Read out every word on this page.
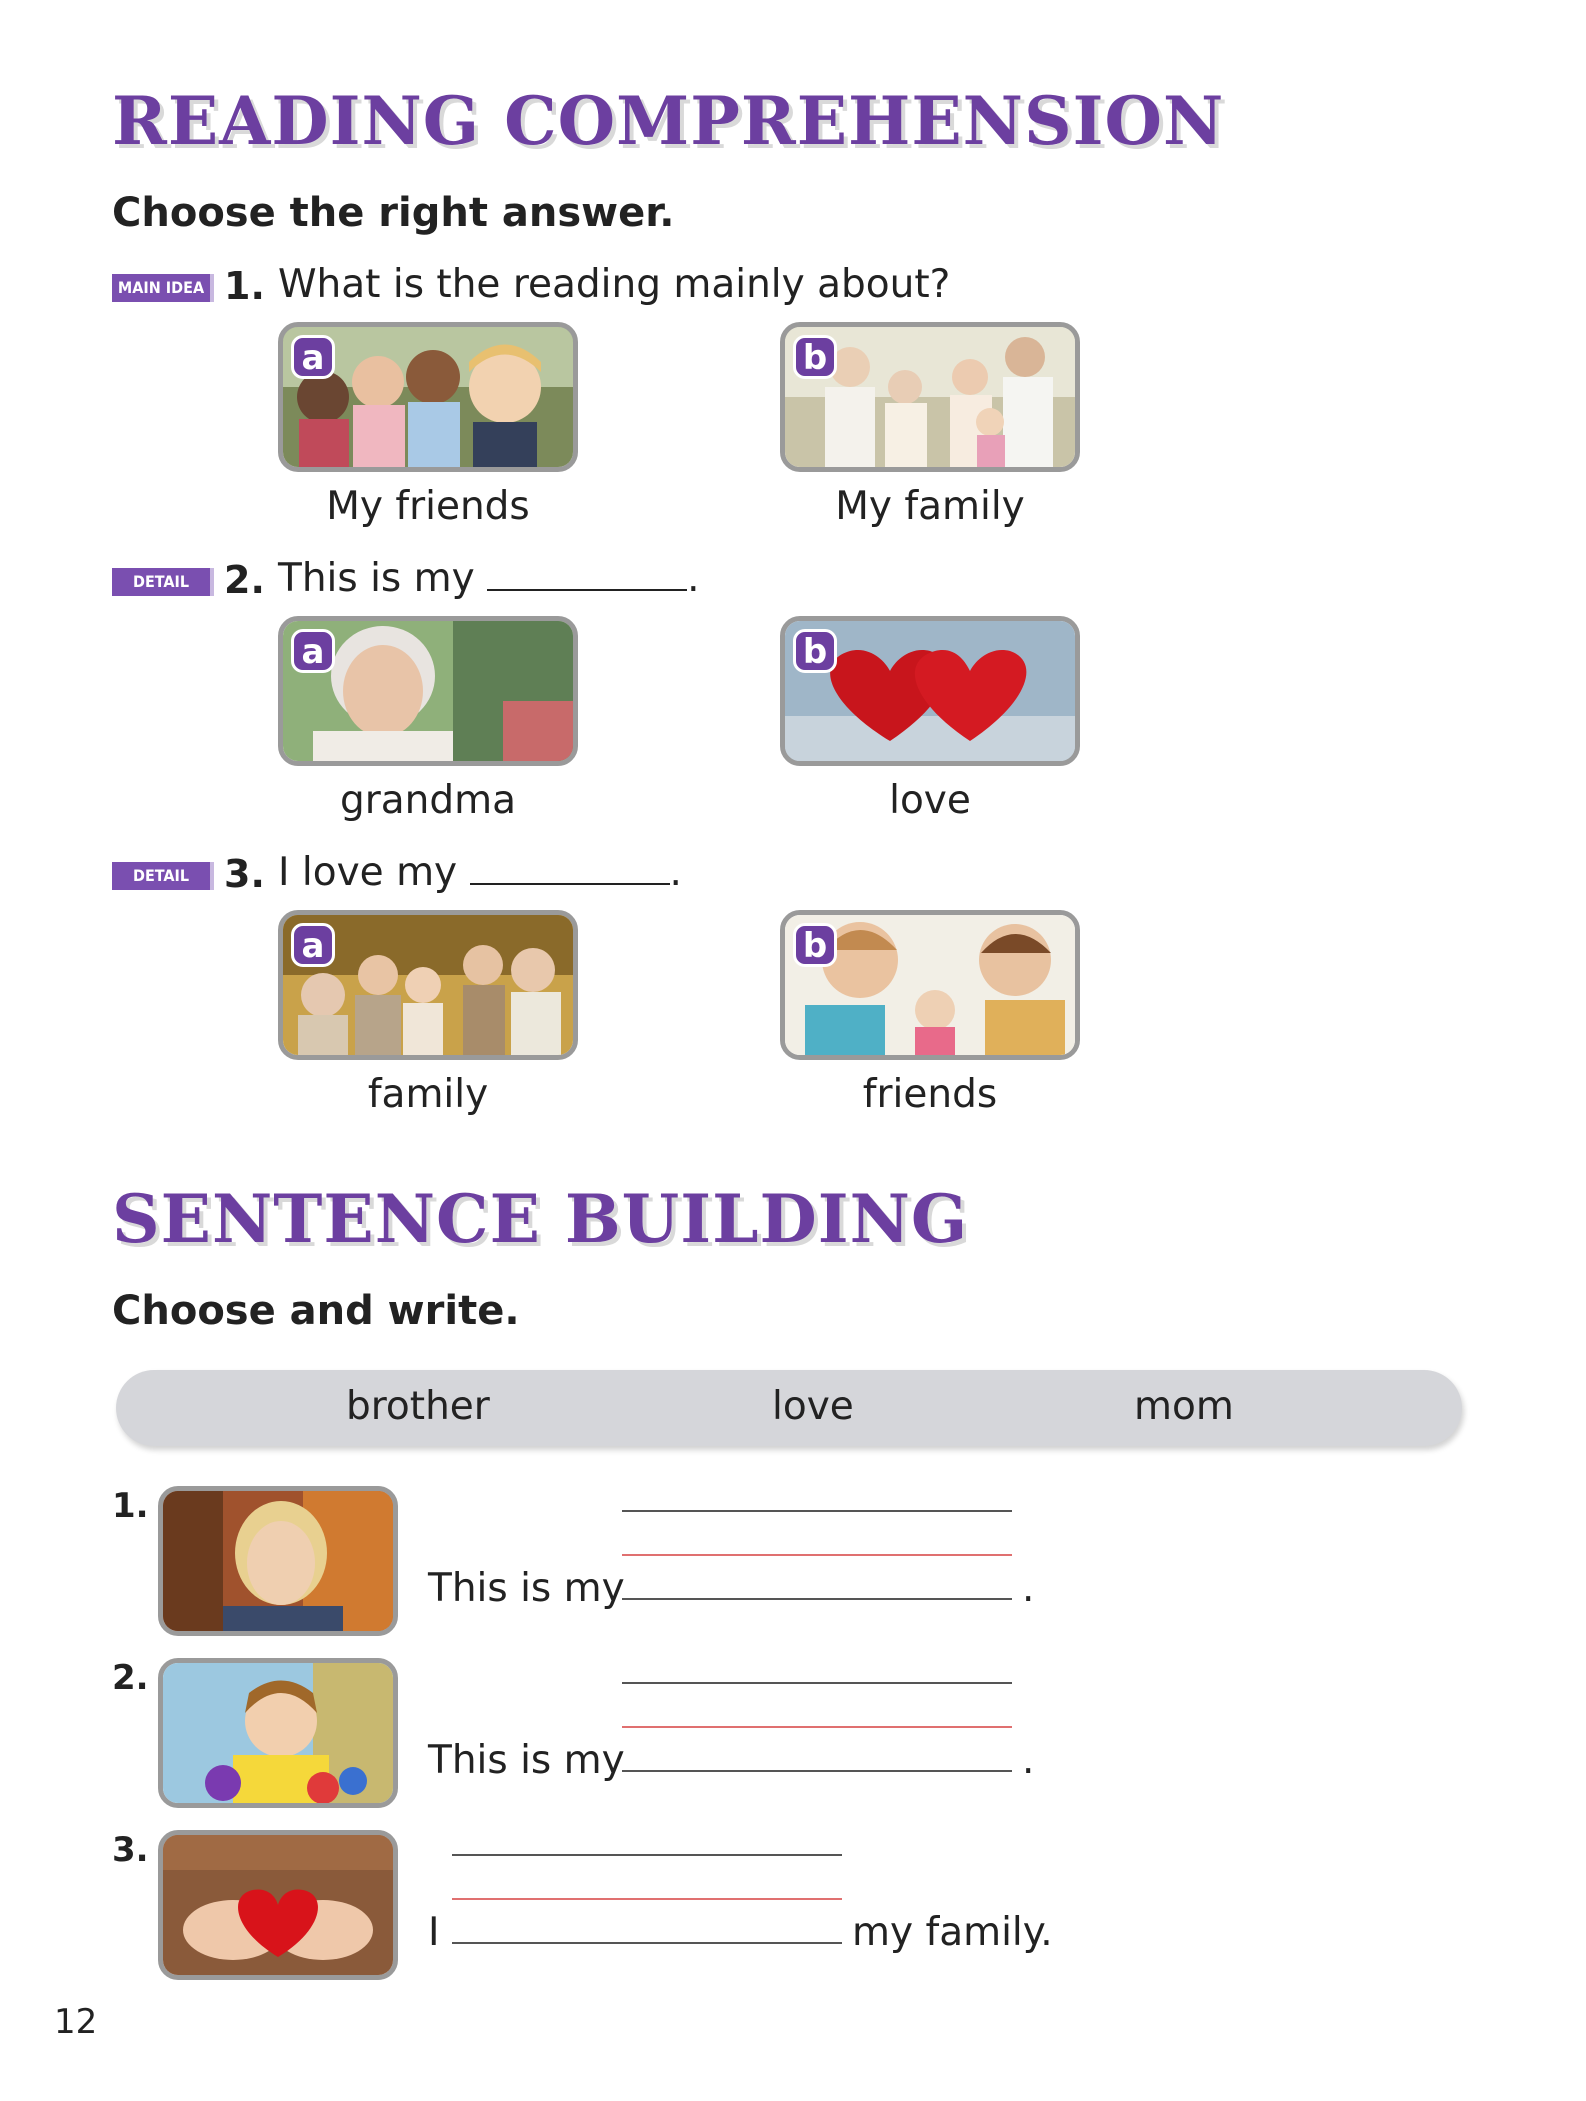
READING COMPREHENSION
Choose the right answer.
MAIN IDEA 1. What is the reading mainly about?
a
My friends
b
My family
DETAIL 2. This is my	.
a
grandma
b
love
DETAIL 3. I love my	.
a
family
b
friends
SENTENCE BUILDING
Choose and write.
brother	love	mom
1.
This is my	.
2.
This is my	.
3.
I	my family.
12
